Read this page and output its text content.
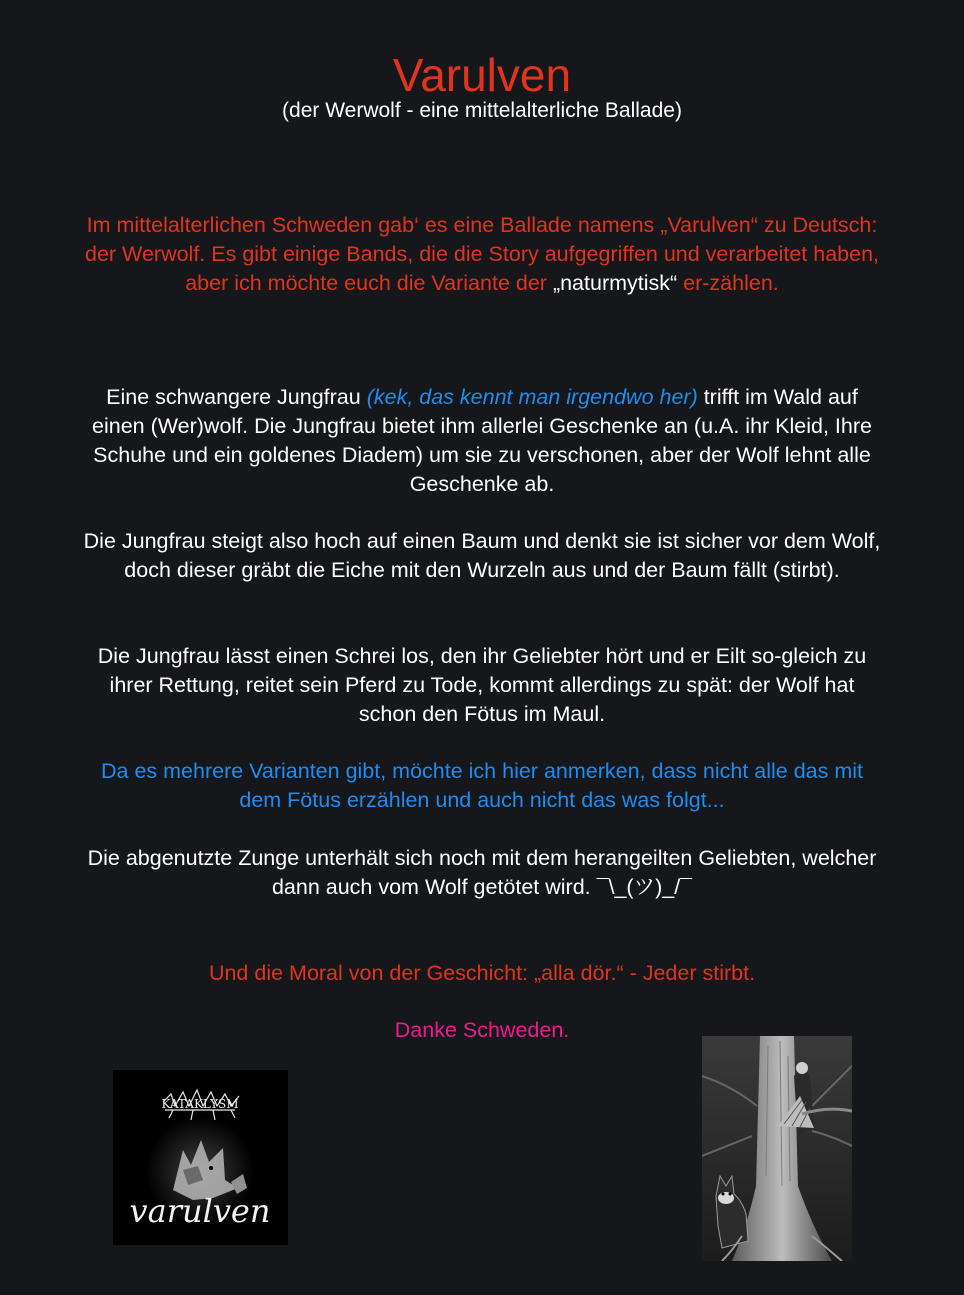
Varulven
(der Werwolf - eine mittelalterliche Ballade)
Im mittelalterlichen Schweden gab‘ es eine Ballade namens „Varulven“ zu Deutsch: der Werwolf. Es gibt einige Bands, die die Story aufgegriffen und verarbeitet haben, aber ich möchte euch die Variante der „naturmytisk“ er-zählen.
Eine schwangere Jungfrau (kek, das kennt man irgendwo her) trifft im Wald auf einen (Wer)wolf. Die Jungfrau bietet ihm allerlei Geschenke an (u.A. ihr Kleid, Ihre Schuhe und ein goldenes Diadem) um sie zu verschonen, aber der Wolf lehnt alle Geschenke ab.
Die Jungfrau steigt also hoch auf einen Baum und denkt sie ist sicher vor dem Wolf, doch dieser gräbt die Eiche mit den Wurzeln aus und der Baum fällt (stirbt).
Die Jungfrau lässt einen Schrei los, den ihr Geliebter hört und er Eilt so-gleich zu ihrer Rettung, reitet sein Pferd zu Tode, kommt allerdings zu spät: der Wolf hat schon den Fötus im Maul.
Da es mehrere Varianten gibt, möchte ich hier anmerken, dass nicht alle das mit dem Fötus erzählen und auch nicht das was folgt...
Die abgenutzte Zunge unterhält sich noch mit dem herangeilten Geliebten, welcher dann auch vom Wolf getötet wird. ¯\_(ツ)_/¯
Und die Moral von der Geschicht: „alla dör.“ - Jeder stirbt.
Danke Schweden.
KATAKLYSM
varulven
